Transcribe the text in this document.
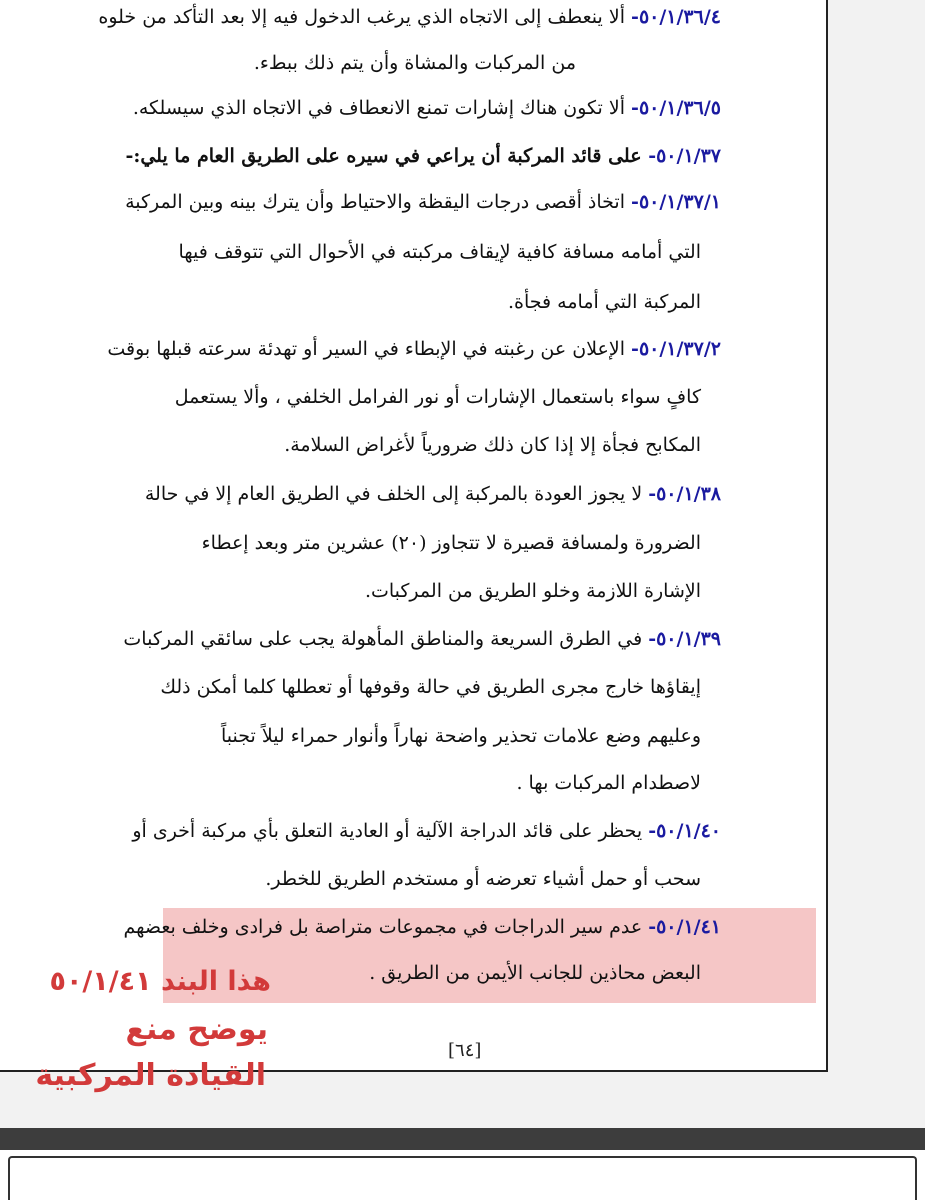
٥٠/١/٣٦/٤- ألا ينعطف إلى الاتجاه الذي يرغب الدخول فيه إلا بعد التأكد من خلوه
من المركبات والمشاة وأن يتم ذلك ببطء.
٥٠/١/٣٦/٥- ألا تكون هناك إشارات تمنع الانعطاف في الاتجاه الذي سيسلكه.
٥٠/١/٣٧- على قائد المركبة أن يراعي في سيره على الطريق العام ما يلي:-
٥٠/١/٣٧/١- اتخاذ أقصى درجات اليقظة والاحتياط وأن يترك بينه وبين المركبة
التي أمامه مسافة كافية لإيقاف مركبته في الأحوال التي تتوقف فيها
المركبة التي أمامه فجأة.
٥٠/١/٣٧/٢- الإعلان عن رغبته في الإبطاء في السير أو تهدئة سرعته قبلها بوقت
كافٍ سواء باستعمال الإشارات أو نور الفرامل الخلفي ، وألا يستعمل
المكابح فجأة إلا إذا كان ذلك ضرورياً لأغراض السلامة.
٥٠/١/٣٨- لا يجوز العودة بالمركبة إلى الخلف في الطريق العام إلا في حالة
الضرورة ولمسافة قصيرة لا تتجاوز (٢٠) عشرين متر وبعد إعطاء
الإشارة اللازمة وخلو الطريق من المركبات.
٥٠/١/٣٩- في الطرق السريعة والمناطق المأهولة يجب على سائقي المركبات
إيقاؤها خارج مجرى الطريق في حالة وقوفها أو تعطلها كلما أمكن ذلك
وعليهم وضع علامات تحذير واضحة نهاراً وأنوار حمراء ليلاً تجنباً
لاصطدام المركبات بها .
٥٠/١/٤٠- يحظر على قائد الدراجة الآلية أو العادية التعلق بأي مركبة أخرى أو
سحب أو حمل أشياء تعرضه أو مستخدم الطريق للخطر.
٥٠/١/٤١- عدم سير الدراجات في مجموعات متراصة بل فرادى وخلف بعضهم
البعض محاذين للجانب الأيمن من الطريق .
[٦٤]
هذا البند ٥٠/١/٤١
يوضح منع
القيادة المركبية
